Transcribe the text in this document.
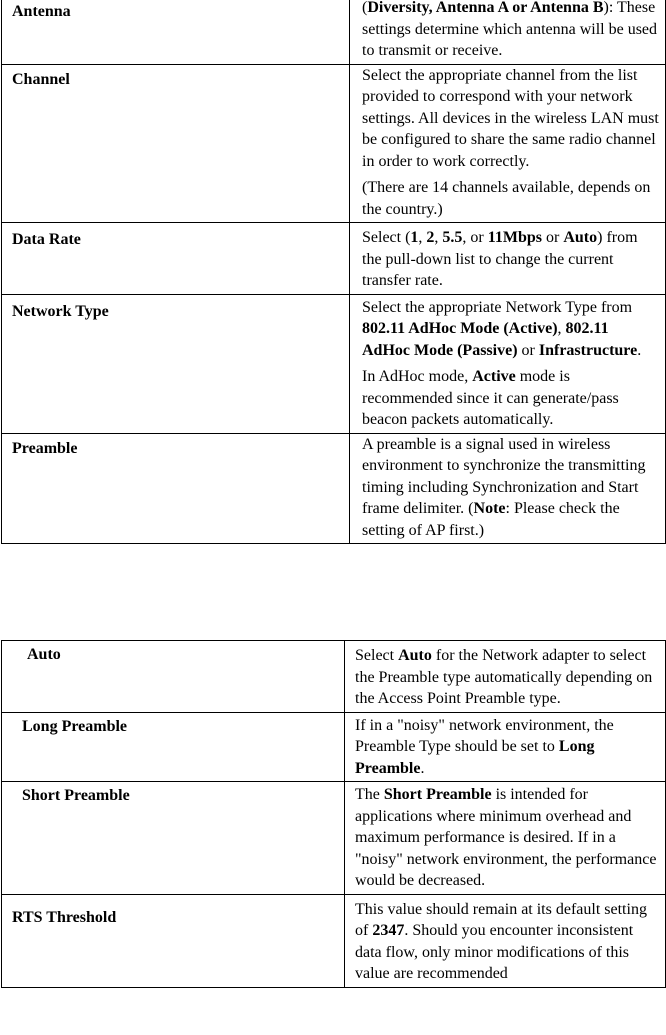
Antenna	(Diversity, Antenna A or Antenna B): These settings determine which antenna will be used to transmit or receive.

Channel	Select the appropriate channel from the list provided to correspond with your network settings. All devices in the wireless LAN must be configured to share the same radio channel in order to work correctly.

(There are 14 channels available, depends on the country.)

Data Rate	Select (1, 2, 5.5, or 11Mbps or Auto) from the pull-down list to change the current transfer rate.

Network Type	Select the appropriate Network Type from 802.11 AdHoc Mode (Active), 802.11 AdHoc Mode (Passive) or Infrastructure.

In AdHoc mode, Active mode is recommended since it can generate/pass beacon packets automatically.

Preamble	A preamble is a signal used in wireless environment to synchronize the transmitting timing including Synchronization and Start frame delimiter. (Note: Please check the setting of AP first.)

Auto	Select Auto for the Network adapter to select the Preamble type automatically depending on the Access Point Preamble type.

Long Preamble	If in a "noisy" network environment, the Preamble Type should be set to Long Preamble.

Short Preamble	The Short Preamble is intended for applications where minimum overhead and maximum performance is desired. If in a "noisy" network environment, the performance would be decreased.

RTS Threshold	This value should remain at its default setting of 2347. Should you encounter inconsistent data flow, only minor modifications of this value are recommended
